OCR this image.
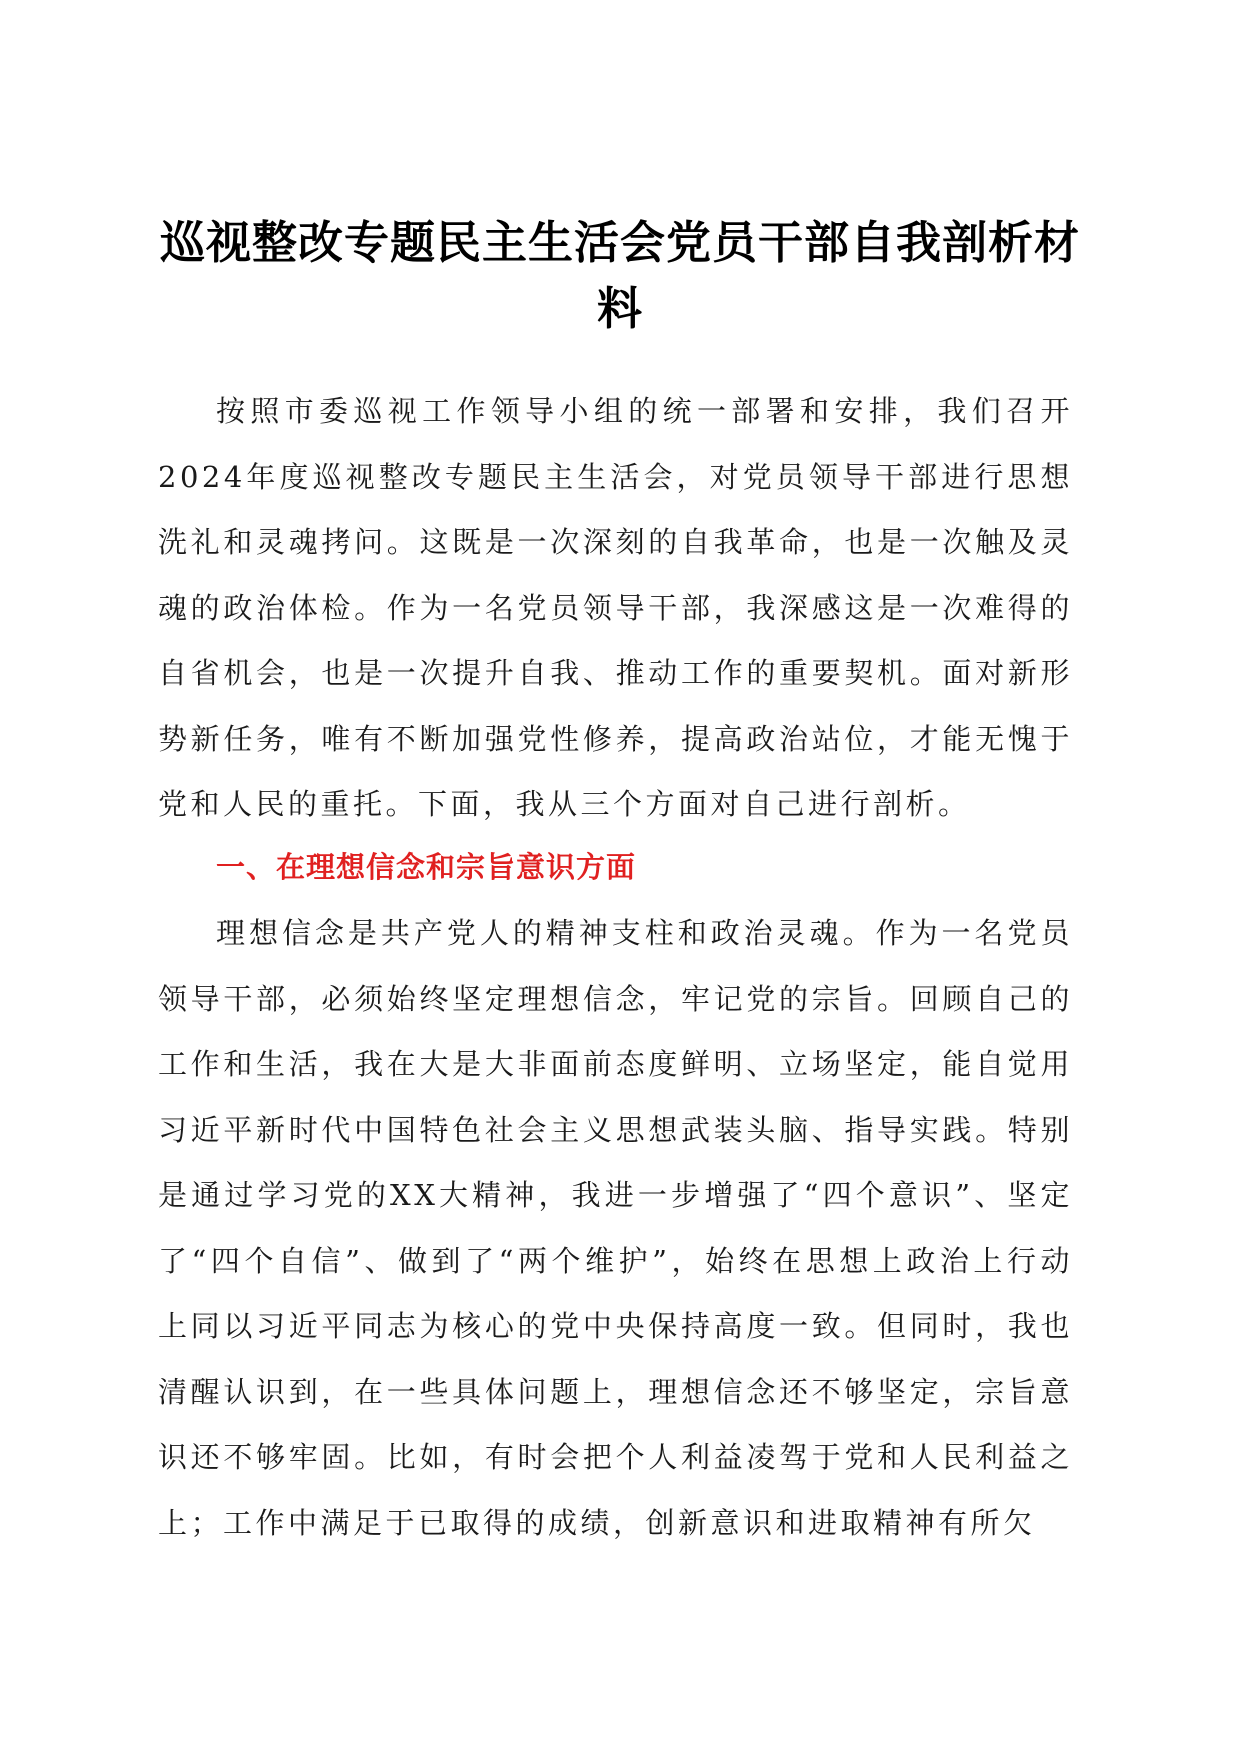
巡视整改专题民主生活会党员干部自我剖析材料

按照市委巡视工作领导小组的统一部署和安排，我们召开2024年度巡视整改专题民主生活会，对党员领导干部进行思想洗礼和灵魂拷问。这既是一次深刻的自我革命，也是一次触及灵魂的政治体检。作为一名党员领导干部，我深感这是一次难得的自省机会，也是一次提升自我、推动工作的重要契机。面对新形势新任务，唯有不断加强党性修养，提高政治站位，才能无愧于党和人民的重托。下面，我从三个方面对自己进行剖析。

一、在理想信念和宗旨意识方面

理想信念是共产党人的精神支柱和政治灵魂。作为一名党员领导干部，必须始终坚定理想信念，牢记党的宗旨。回顾自己的工作和生活，我在大是大非面前态度鲜明、立场坚定，能自觉用习近平新时代中国特色社会主义思想武装头脑、指导实践。特别是通过学习党的XX大精神，我进一步增强了“四个意识”、坚定了“四个自信”、做到了“两个维护”，始终在思想上政治上行动上同以习近平同志为核心的党中央保持高度一致。但同时，我也清醒认识到，在一些具体问题上，理想信念还不够坚定，宗旨意识还不够牢固。比如，有时会把个人利益凌驾于党和人民利益之上；工作中满足于已取得的成绩，创新意识和进取精神有所欠
